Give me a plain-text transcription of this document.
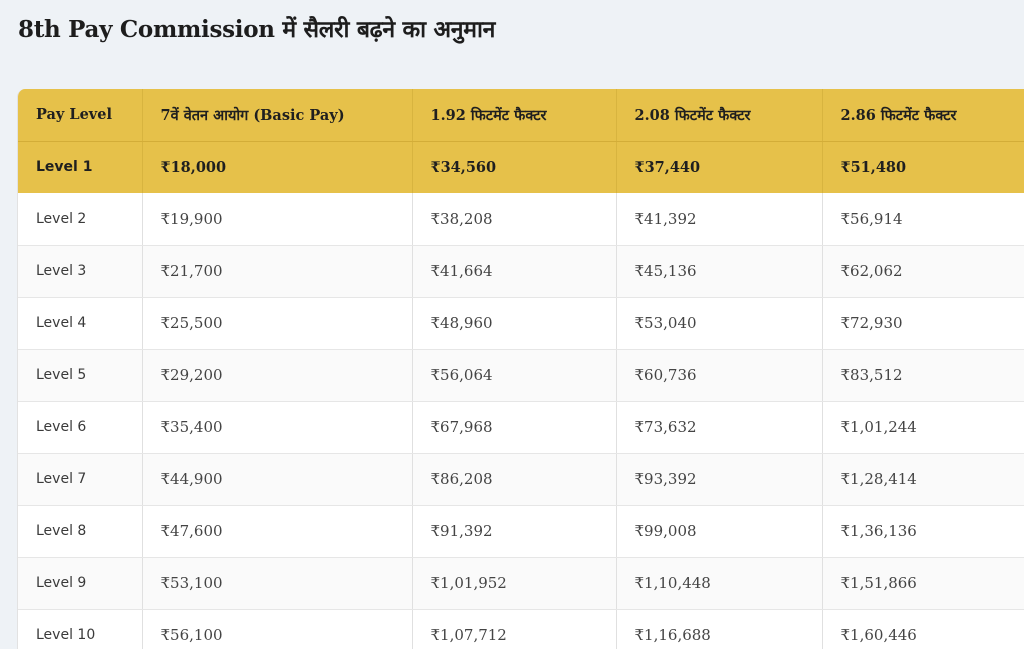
8th Pay Commission में सैलरी बढ़ने का अनुमान
Pay Level	7वें वेतन आयोग (Basic Pay)	1.92 फिटमेंट फैक्टर	2.08 फिटमेंट फैक्टर	2.86 फिटमेंट फैक्टर
Level 1	₹18,000	₹34,560	₹37,440	₹51,480
Level 2	₹19,900	₹38,208	₹41,392	₹56,914
Level 3	₹21,700	₹41,664	₹45,136	₹62,062
Level 4	₹25,500	₹48,960	₹53,040	₹72,930
Level 5	₹29,200	₹56,064	₹60,736	₹83,512
Level 6	₹35,400	₹67,968	₹73,632	₹1,01,244
Level 7	₹44,900	₹86,208	₹93,392	₹1,28,414
Level 8	₹47,600	₹91,392	₹99,008	₹1,36,136
Level 9	₹53,100	₹1,01,952	₹1,10,448	₹1,51,866
Level 10	₹56,100	₹1,07,712	₹1,16,688	₹1,60,446
